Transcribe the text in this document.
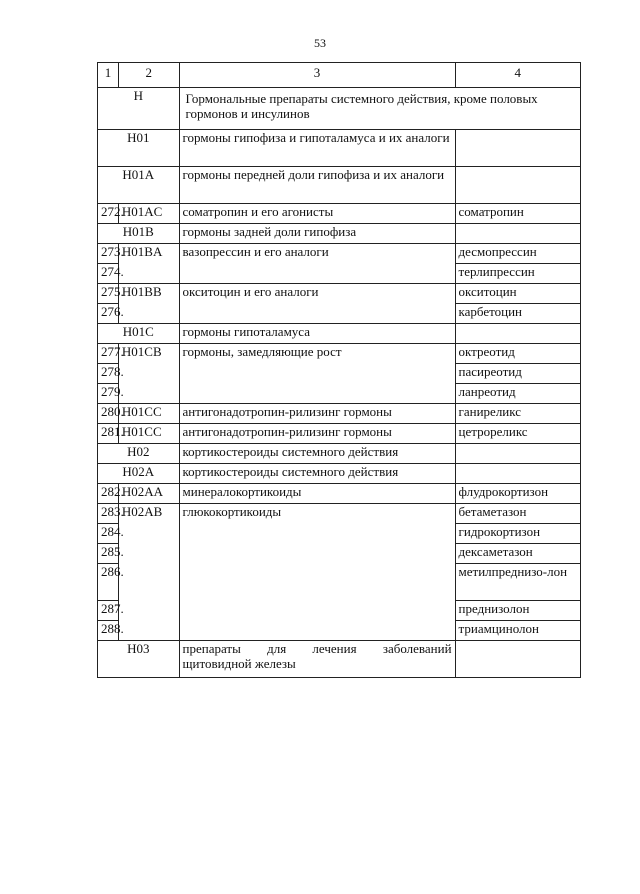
53
1	2	3	4
H		Гормональные препараты системного действия, кроме половых гормонов и инсулинов	
H01		гормоны гипофиза и гипоталамуса и их аналоги	
H01A		гормоны передней доли гипофиза и их аналоги	
272.	H01AC	соматропин и его агонисты	соматропин
H01B		гормоны задней доли гипофиза	
273.	H01BA	вазопрессин и его аналоги	десмопрессин
274.			терлипрессин
275.	H01BB	окситоцин и его аналоги	окситоцин
276.			карбетоцин
H01C		гормоны гипоталамуса	
277.	H01CB	гормоны, замедляющие рост	октреотид
278.			пасиреотид
279.			ланреотид
280.	H01CC	антигонадотропин-рилизинг гормоны	ганиреликс
281.	H01CC	антигонадотропин-рилизинг гормоны	цетрореликс
H02		кортикостероиды системного действия	
H02A		кортикостероиды системного действия	
282.	H02AA	минералокортикоиды	флудрокортизон
283.	H02AB	глюкокортикоиды	бетаметазон
284.			гидрокортизон
285.			дексаметазон
286.			метилпреднизо-лон
287.			преднизолон
288.			триамцинолон
H03		препараты для лечения заболеваний щитовидной железы	
